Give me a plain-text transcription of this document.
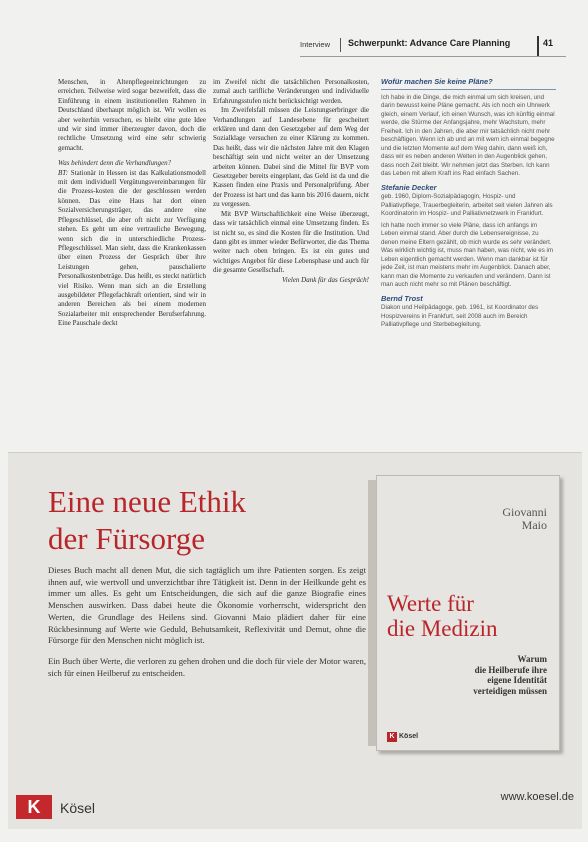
Interview Schwerpunkt: Advance Care Planning	41

Menschen, in Altenpflegeeinrichtungen zu erreichen. Teilweise wird sogar bezweifelt, dass die Einführung in einem institutionellen Rahmen in Deutschland überhaupt möglich ist. Wir wollen es aber weiterhin versuchen, es bleibt eine gute Idee und wir sind immer überzeugter davon, doch die rechtliche Umsetzung wird eine sehr schwierig gemacht.

Was behindert denn die Verhandlungen?

BT: Stationär in Hessen ist das Kalkulationsmodell mit dem individuell Vergütungsvereinbarungen für die Prozess-kosten die der geschlossen werden können. Das eine Haus hat dort einen Sozialversicherungsträger, das andere eine Pflegeschlüssel, die aber oft nicht zur Verfügung stehen. Es geht um eine vertrauliche Bewegung, wenn sich die in unterschiedliche Prozess-Pflegeschlüssel. Man sieht, dass die Krankenkassen über einen Prozess der Gespräch über ihre Leistungen gehen, pauschalierte Personalkostenbeträge. Das heißt, es steckt natürlich viel Risiko. Wenn man sich an die Erstellung ausgebildeter Pflegefachkraft orientiert, sind wir in anderen Bereichen als bei einem modernen Sozialarbeiter mit entsprechender Berufserfahrung. Eine Pauschale deckt

im Zweifel nicht die tatsächlichen Personalkosten, zumal auch tarifliche Veränderungen und individuelle Erfahrungsstufen nicht berücksichtigt werden.

Im Zweifelsfall müssen die Leistungserbringer die Verhandlungen auf Landesebene für gescheitert erklären und dann den Gesetzgeber auf dem Weg der Sozialklage versuchen zu einer Klärung zu kommen. Das heißt, dass wir die nächsten Jahre mit den Klagen beschäftigt sein und nicht weiter an der Umsetzung arbeiten können. Dabei sind die Mittel für BVP vom Gesetzgeber bereits eingeplant, das Geld ist da und die Kassen finden eine Praxis und Personalprüfung. Aber der Prozess ist hart und das kann bis 2016 dauern, nicht zu vergessen.

Mit BVP Wirtschaftlichkeit eine Weise überzeugt, dass wir tatsächlich einmal eine Umsetzung finden. Es ist nicht so, es sind die Kosten für die Institution. Und dann gibt es immer wieder Befürworter, die das Thema weiter nach oben bringen. Es ist ein gutes und wichtiges Angebot für diese Lebensphase und auch für die gesamte Gesellschaft.

Vielen Dank für das Gespräch!

Wofür machen Sie keine Pläne?

Ich habe in die Dinge, die mich einmal um sich kreisen, und darin bewusst keine Pläne gemacht. Als ich noch ein Uhrwerk gleich, einem Verlauf, ich einen Wunsch, was ich künftig einmal werde, die Stürme der Anfangsjahre, mehr Wachstum, mehr Freiheit. Ich in den Jahren, die aber mir tatsächlich nicht mehr beschäftigen. Wenn ich ab und an mit wem ich einmal begegne und die letzten Momente auf dem Weg dahin, dann weiß ich, dass wir es neben anderen Welten in den Augenblick gehen, dass noch Zeit bleibt. Wir nehmen jetzt das Sterben. Ich kann das Leben mit allem Kraft ins Rad einfach Sachen.

Stefanie Decker

geb. 1960, Diplom-Sozialpädagogin, Hospiz- und Palliativpflege, Trauerbegleiterin, arbeitet seit vielen Jahren als Koordinatorin im Hospiz- und Palliativnetzwerk in Frankfurt.

Ich hatte noch immer so viele Pläne, dass ich anfangs im Leben einmal stand. Aber durch die Lebensereignisse, zu denen meine Eltern gezählt, ob mich wurde es sehr verändert. Was wirklich wichtig ist, muss man haben, was nicht, wie es im Leben eigentlich gemacht werden. Wenn man dankbar ist für jede Zeit, ist man meistens mehr im Augenblick. Danach aber, kann man die Momente zu verkaufen und verändern. Dann ist man auch nicht mehr so mit Plänen beschäftigt.

Bernd Trost

Diakon und Heilpädagoge, geb. 1961, ist Koordinator des Hospizvereins in Frankfurt, seit 2008 auch im Bereich Palliativpflege und Sterbebegleitung.

Eine neue Ethik
der Fürsorge

Dieses Buch macht all denen Mut, die sich tagtäglich um ihre Patienten sorgen. Es zeigt ihnen auf, wie wertvoll und unverzichtbar ihre Tätigkeit ist. Denn in der Heilkunde geht es immer um alles. Es geht um Entscheidungen, die sich auf die ganze Biografie eines Menschen auswirken. Dass dabei heute die Ökonomie vorherrscht, widerspricht den Werten, die Grundlage des Heilens sind. Giovanni Maio plädiert daher für eine Rückbesinnung auf Werte wie Geduld, Behutsamkeit, Reflexivität und Demut, ohne die Fürsorge für den Menschen nicht möglich ist.

Ein Buch über Werte, die verloren zu gehen drohen und die doch für viele der Motor waren, sich für einen Heilberuf zu entscheiden.

Giovanni
Maio
Werte für
die Medizin
Warum
die Heilberufe ihre
eigene Identität
verteidigen müssen
K Kösel
K	Kösel
www.koesel.de
